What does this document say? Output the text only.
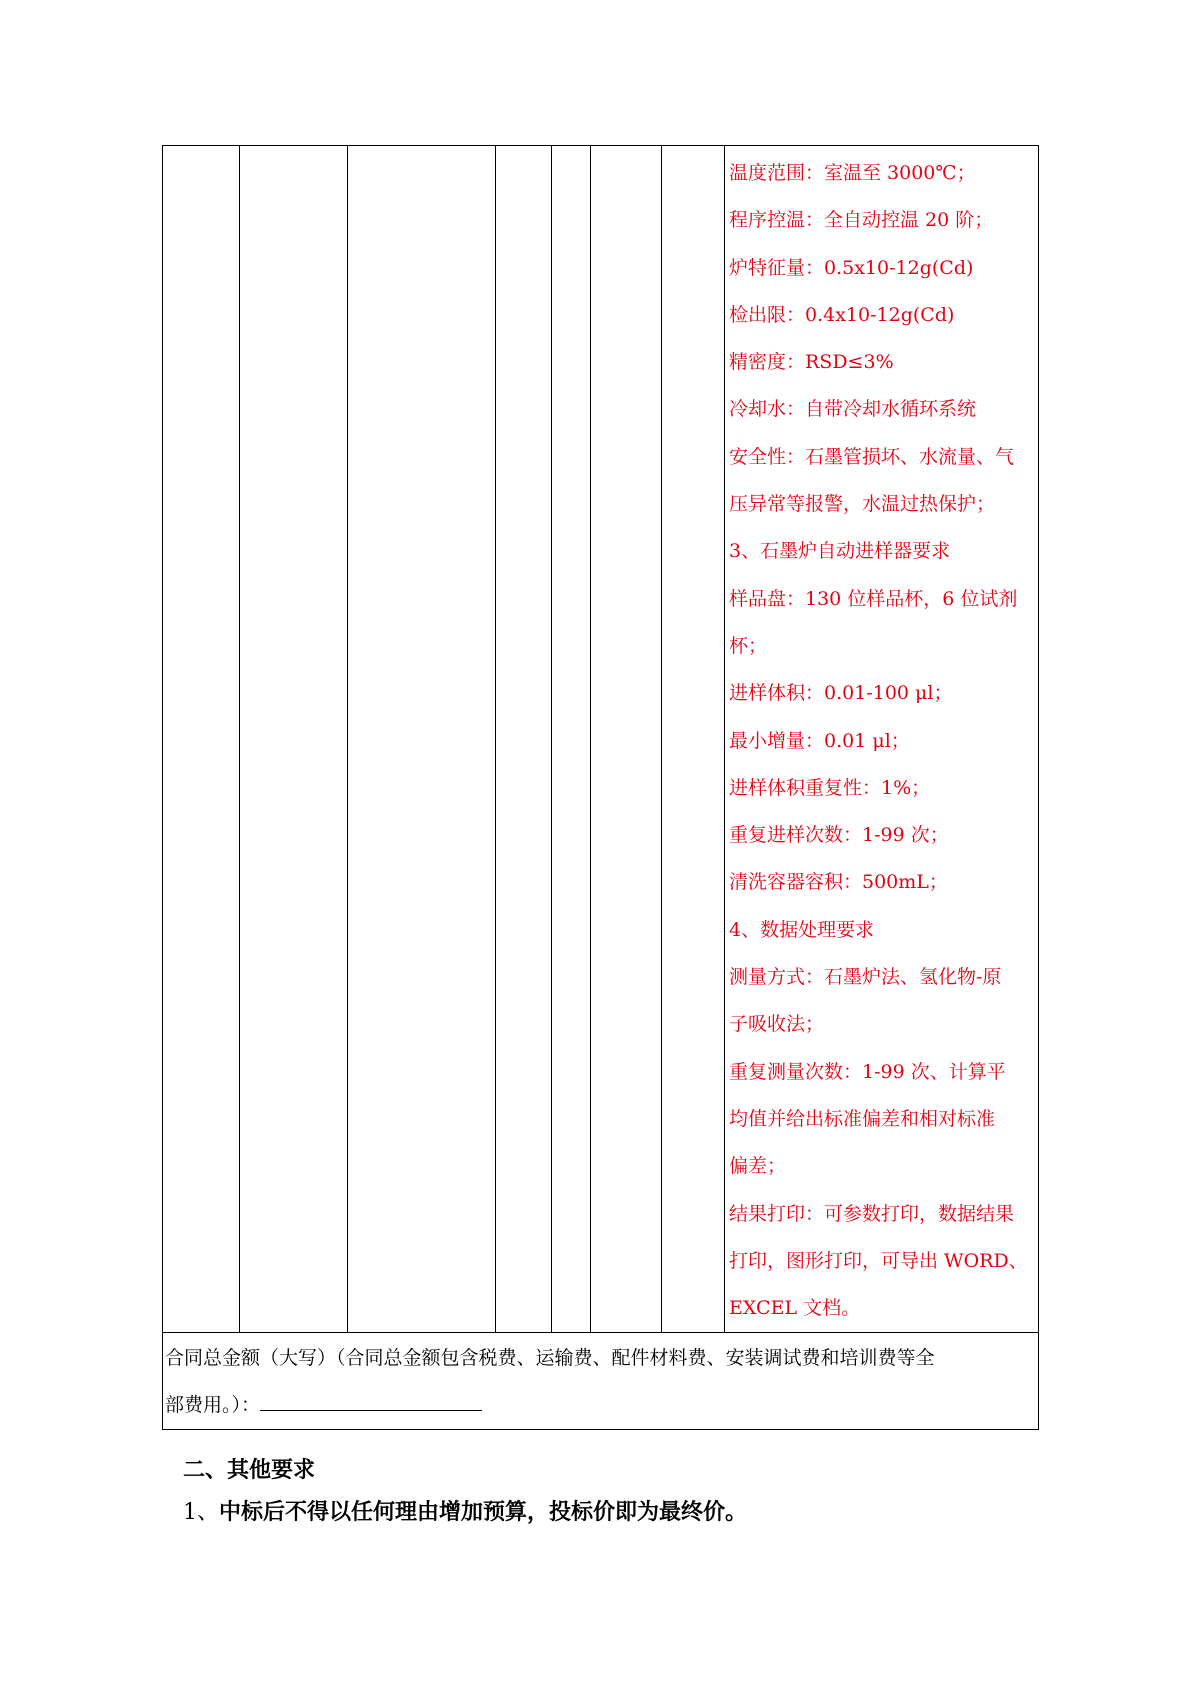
温度范围：室温至 3000℃；
程序控温：全自动控温 20 阶；
炉特征量：0.5x10-12g(Cd)
检出限：0.4x10-12g(Cd)
精密度：RSD≤3%
冷却水：自带冷却水循环系统
安全性：石墨管损坏、水流量、气
压异常等报警，水温过热保护；
3、石墨炉自动进样器要求
样品盘：130 位样品杯，6 位试剂
杯；
进样体积：0.01-100 μl；
最小增量：0.01 μl；
进样体积重复性：1%；
重复进样次数：1-99 次；
清洗容器容积：500mL；
4、数据处理要求
测量方式：石墨炉法、氢化物-原
子吸收法；
重复测量次数：1-99 次、计算平
均值并给出标准偏差和相对标准
偏差；
结果打印：可参数打印，数据结果
打印，图形打印，可导出 WORD、
EXCEL 文档。

合同总金额（大写）（合同总金额包含税费、运输费、配件材料费、安装调试费和培训费等全
部费用。）：
二、其他要求
1、中标后不得以任何理由增加预算，投标价即为最终价。
